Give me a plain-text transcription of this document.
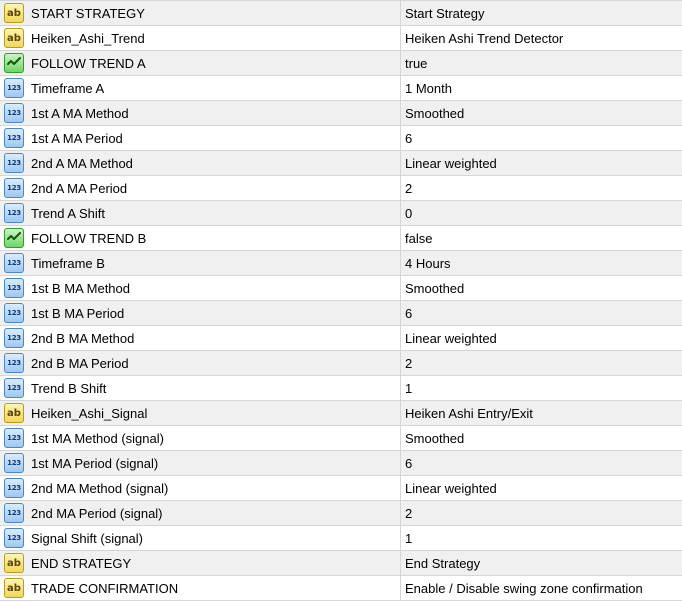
ab START STRATEGY	Start Strategy
ab Heiken_Ashi_Trend	Heiken Ashi Trend Detector
FOLLOW TREND A	true
123 Timeframe A	1 Month
123 1st A MA Method	Smoothed
123 1st A MA Period	6
123 2nd A MA Method	Linear weighted
123 2nd A MA Period	2
123 Trend A Shift	0
FOLLOW TREND B	false
123 Timeframe B	4 Hours
123 1st B MA Method	Smoothed
123 1st B MA Period	6
123 2nd B MA Method	Linear weighted
123 2nd B MA Period	2
123 Trend B Shift	1
ab Heiken_Ashi_Signal	Heiken Ashi Entry/Exit
123 1st MA Method (signal)	Smoothed
123 1st MA Period (signal)	6
123 2nd MA Method (signal)	Linear weighted
123 2nd MA Period (signal)	2
123 Signal Shift (signal)	1
ab END STRATEGY	End Strategy
ab TRADE CONFIRMATION	Enable / Disable swing zone confirmation
